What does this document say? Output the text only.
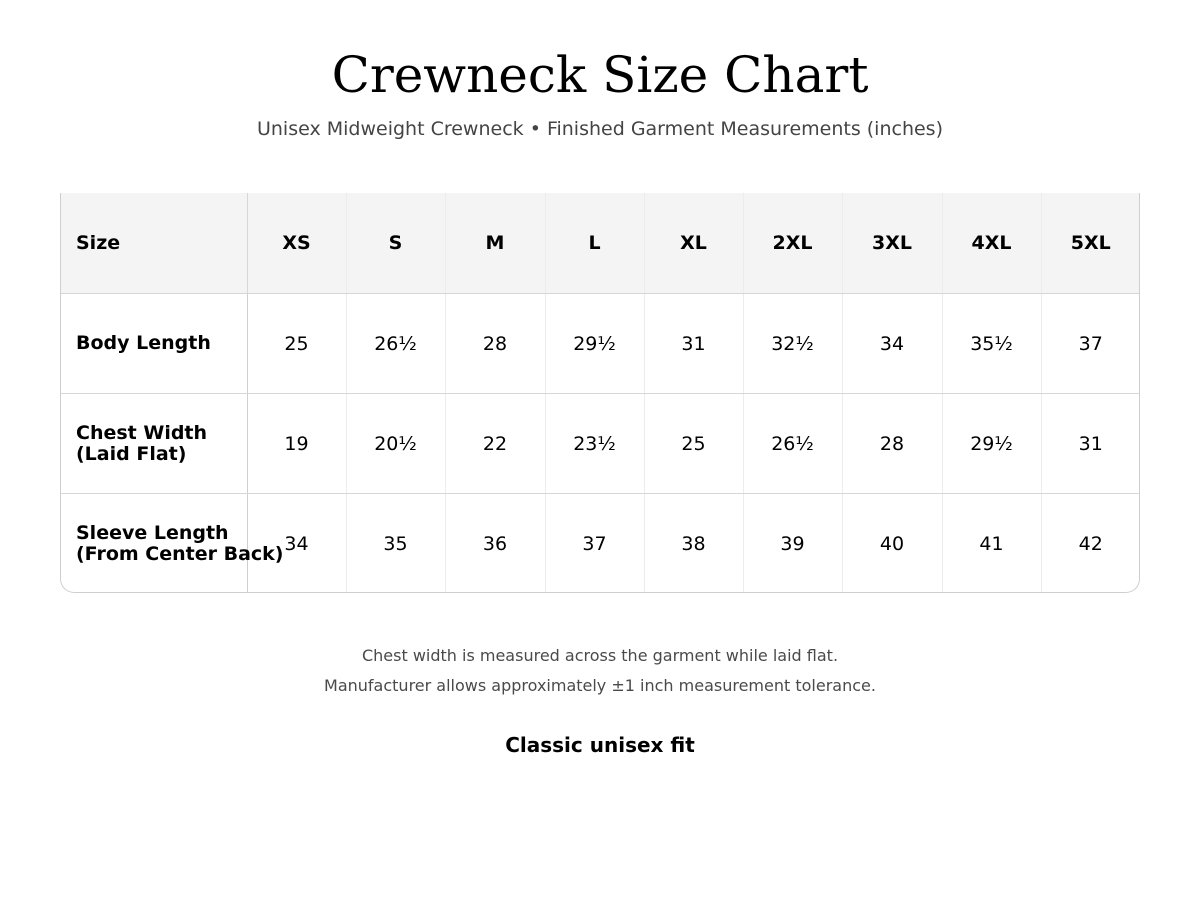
Crewneck Size Chart

Unisex Midweight Crewneck • Finished Garment Measurements (inches)

Size	XS	S	M	L	XL	2XL	3XL	4XL	5XL
Body Length	25	26½	28	29½	31	32½	34	35½	37
Chest Width
(Laid Flat)	19	20½	22	23½	25	26½	28	29½	31
Sleeve Length
(From Center Back)	34	35	36	37	38	39	40	41	42

Chest width is measured across the garment while laid flat.

Manufacturer allows approximately ±1 inch measurement tolerance.

Classic unisex fit
